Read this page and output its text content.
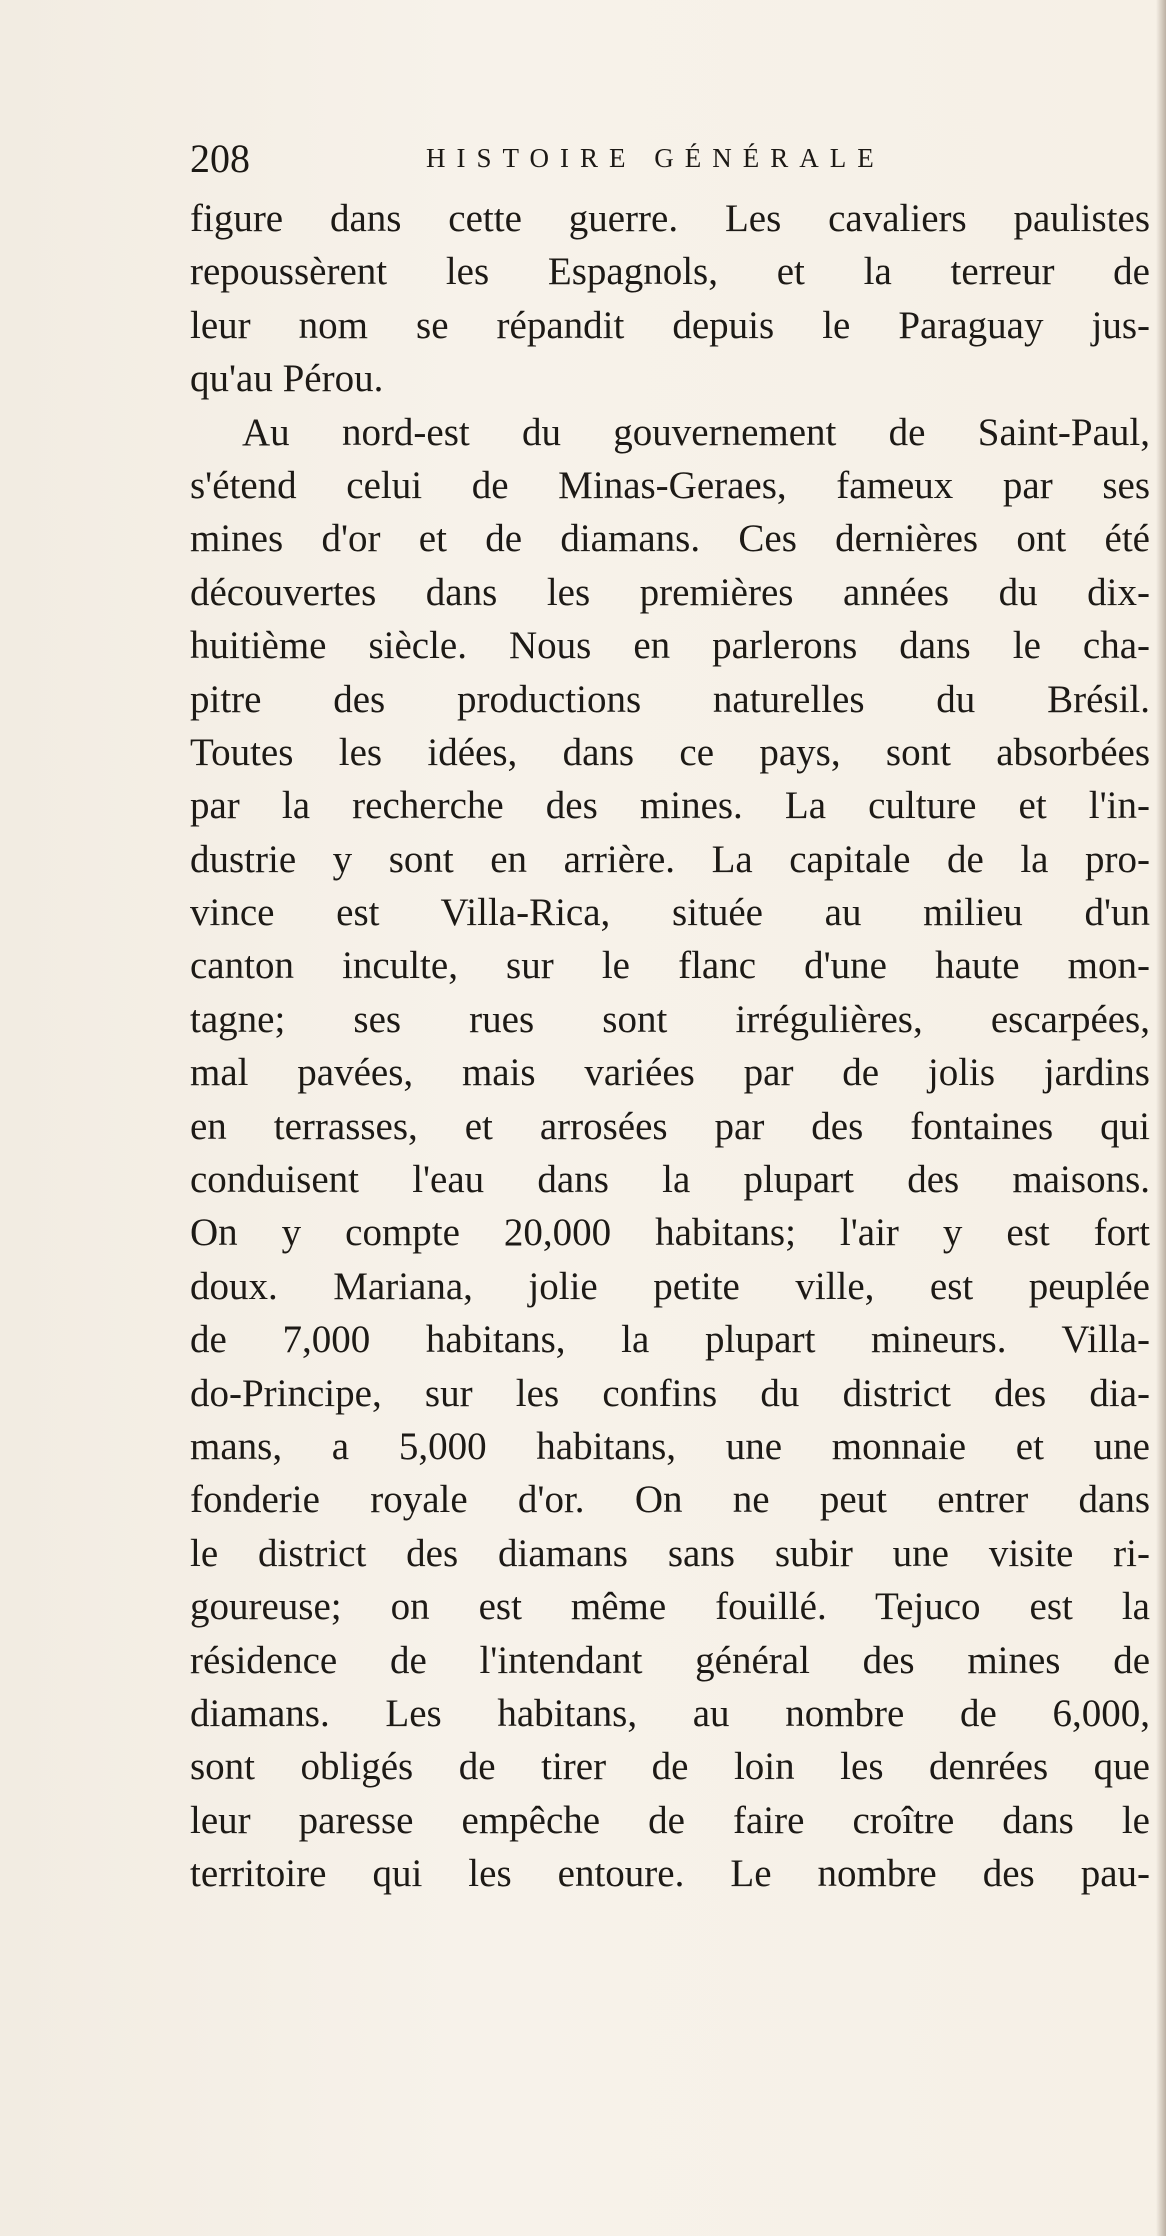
208	HISTOIRE GÉNÉRALE
figure dans cette guerre. Les cavaliers paulistes
repoussèrent les Espagnols, et la terreur de
leur nom se répandit depuis le Paraguay jus-
qu'au Pérou.
Au nord-est du gouvernement de Saint-Paul,
s'étend celui de Minas-Geraes, fameux par ses
mines d'or et de diamans. Ces dernières ont été
découvertes dans les premières années du dix-
huitième siècle. Nous en parlerons dans le cha-
pitre des productions naturelles du Brésil.
Toutes les idées, dans ce pays, sont absorbées
par la recherche des mines. La culture et l'in-
dustrie y sont en arrière. La capitale de la pro-
vince est Villa-Rica, située au milieu d'un
canton inculte, sur le flanc d'une haute mon-
tagne; ses rues sont irrégulières, escarpées,
mal pavées, mais variées par de jolis jardins
en terrasses, et arrosées par des fontaines qui
conduisent l'eau dans la plupart des maisons.
On y compte 20,000 habitans; l'air y est fort
doux. Mariana, jolie petite ville, est peuplée
de 7,000 habitans, la plupart mineurs. Villa-
do-Principe, sur les confins du district des dia-
mans, a 5,000 habitans, une monnaie et une
fonderie royale d'or. On ne peut entrer dans
le district des diamans sans subir une visite ri-
goureuse; on est même fouillé. Tejuco est la
résidence de l'intendant général des mines de
diamans. Les habitans, au nombre de 6,000,
sont obligés de tirer de loin les denrées que
leur paresse empêche de faire croître dans le
territoire qui les entoure. Le nombre des pau-
